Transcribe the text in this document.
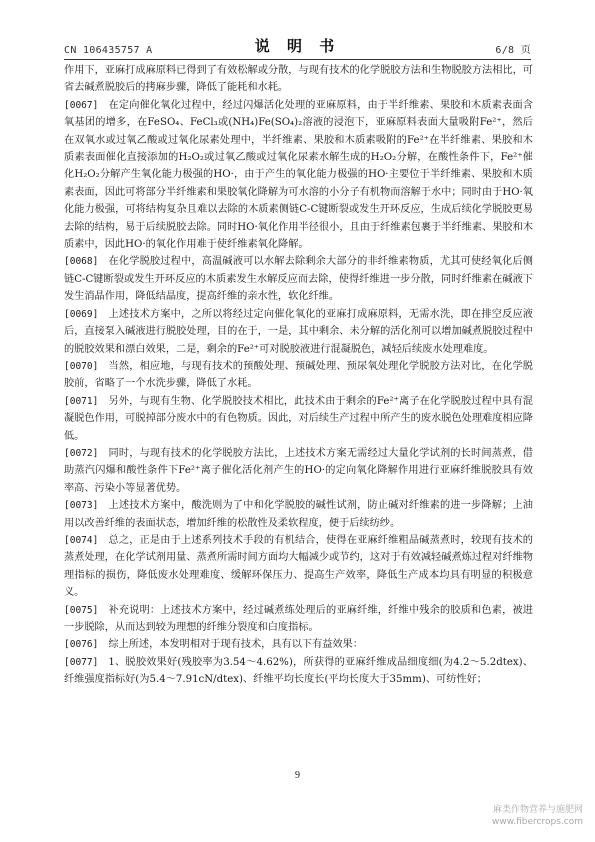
CN 106435757 A	说 明 书	6/8 页

作用下，亚麻打成麻原料已得到了有效松解或分散，与现有技术的化学脱胶方法和生物脱胶方法相比，可省去碱煮脱胶后的拷麻步骤，降低了能耗和水耗。

[0067] 在定向催化氧化过程中，经过闪爆活化处理的亚麻原料，由于半纤维素、果胶和木质素表面含氧基团的增多，在FeSO₄、FeCl₃或(NH₄)Fe(SO₄)₂溶液的浸泡下，亚麻原料表面大量吸附Fe²⁺，然后在双氧水或过氧乙酸或过氧化尿素处理中，半纤维素、果胶和木质素吸附的Fe²⁺在半纤维素、果胶和木质素表面催化直接添加的H₂O₂或过氧乙酸或过氧化尿素水解生成的H₂O₂分解，在酸性条件下，Fe²⁺催化H₂O₂分解产生氧化能力极强的HO·，由于产生的氧化能力极强的HO·主要位于半纤维素、果胶和木质素表面，因此可将部分半纤维素和果胶氧化降解为可水溶的小分子有机物而溶解于水中；同时由于HO·氧化能力极强，可将结构复杂且难以去除的木质素侧链C-C键断裂或发生开环反应，生成后续化学脱胶更易去除的结构，易于后续脱胶去除。同时HO·氧化作用半径很小，且由于纤维素包裹于半纤维素、果胶和木质素中，因此HO·的氧化作用难于使纤维素氧化降解。

[0068] 在化学脱胶过程中，高温碱液可以水解去除剩余大部分的非纤维素物质，尤其可使经氧化后侧链C-C键断裂或发生开环反应的木质素发生水解反应而去除，使得纤维进一步分散，同时纤维素在碱液下发生消晶作用，降低结晶度，提高纤维的亲水性，软化纤维。

[0069] 上述技术方案中，之所以将经过定向催化氧化的亚麻打成麻原料，无需水洗，即在排空反应液后，直接泵入碱液进行脱胶处理，目的在于，一是，其中剩余、未分解的活化剂可以增加碱煮脱胶过程中的脱胶效果和漂白效果，二是，剩余的Fe²⁺可对脱胶液进行混凝脱色，减轻后续废水处理难度。

[0070] 当然，相应地，与现有技术的预酸处理、预碱处理、预尿氧处理化学脱胶方法对比，在化学脱胶前，省略了一个水洗步骤，降低了水耗。

[0071] 另外，与现有生物、化学脱胶技术相比，此技术由于剩余的Fe²⁺离子在化学脱胶过程中具有混凝脱色作用，可脱掉部分废水中的有色物质。因此，对后续生产过程中所产生的废水脱色处理难度相应降低。

[0072] 同时，与现有技术的化学脱胶方法比，上述技术方案无需经过大量化学试剂的长时间蒸煮，借助蒸汽闪爆和酸性条件下Fe²⁺离子催化活化剂产生的HO·的定向氧化降解作用进行亚麻纤维脱胶具有效率高、污染小等显著优势。

[0073] 上述技术方案中，酸洗则为了中和化学脱胶的碱性试剂，防止碱对纤维素的进一步降解；上油用以改善纤维的表面状态，增加纤维的松散性及柔软程度，便于后续纺纱。

[0074] 总之，正是由于上述系列技术手段的有机结合，使得在亚麻纤维粗品碱蒸煮时，较现有技术的蒸煮处理，在化学试剂用量、蒸煮所需时间方面均大幅减少或节约，这对于有效减轻碱煮炼过程对纤维物理指标的损伤，降低废水处理难度、缓解环保压力、提高生产效率，降低生产成本均具有明显的积极意义。

[0075] 补充说明：上述技术方案中，经过碱煮练处理后的亚麻纤维，纤维中残余的胶质和色素，被进一步脱除，从而达到较为理想的纤维分裂度和白度指标。

[0076] 综上所述，本发明相对于现有技术，具有以下有益效果：

[0077] 1、脱胶效果好(残胶率为3.54～4.62%)，所获得的亚麻纤维成品细度细(为4.2～5.2dtex)、纤维强度指标好(为5.4～7.91cN/dtex)、纤维平均长度长(平均长度大于35mm)、可纺性好；

9
麻类作物营养与施肥网
www.fibercrops.com
